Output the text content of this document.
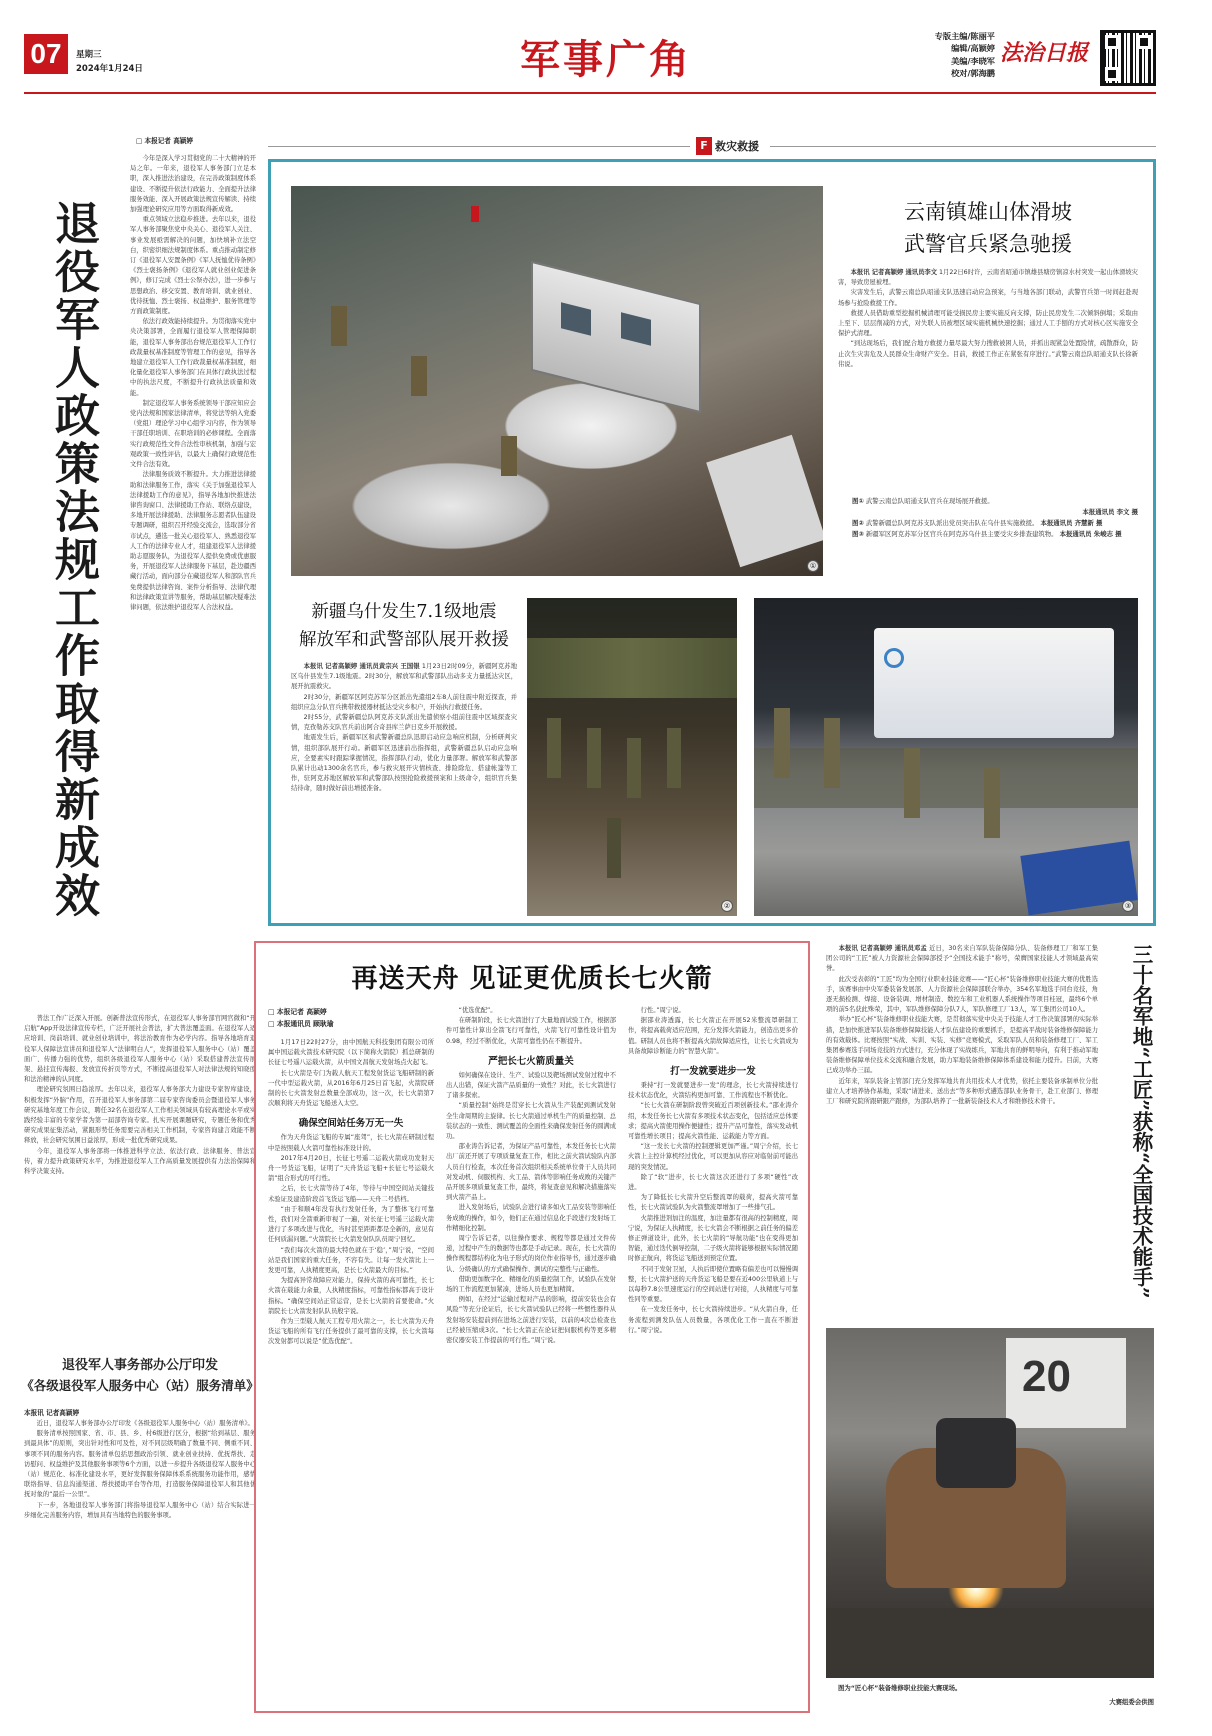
07	星期三
2024年1月24日	军事广角	专版主编/陈丽平
编辑/高颖婷
美编/李晓军
校对/郭海鹏
法治日报
□ 本报记者 高颖婷
退役军人政策法规工作取得新成效

今年是深入学习贯彻党的二十大精神的开局之年。一年来，退役军人事务部门立足本职，深入推进法治建设，在完善政策制度体系建设、不断提升依法行政能力、全面提升法律服务效能、深入开展政策法规宣传解读、持续加强理论研究应用等方面取得新成效。

重点领域立法稳步推进。去年以来，退役军人事务部聚焦党中央关心、退役军人关注、事业发展亟需解决的问题，加快填补立法空白，织密织细法规制度体系。重点推动制定修订《退役军人安置条例》《军人抚恤优待条例》《烈士褒扬条例》《退役军人就业创业促进条例》，修订完成《烈士公祭办法》，进一步参与思想政治、移交安置、教育培训、就业创业、优待抚恤、烈士褒扬、权益维护、服务管理等方面政策制度。

依法行政效能持续提升。为贯彻落实党中央决策部署，全面履行退役军人管理保障职能，退役军人事务部出台规范退役军人工作行政裁量权基准制度等管理工作的意见，指导各地建立退役军人工作行政裁量权基准制度，细化量化退役军人事务部门在具体行政执法过程中的执法尺度，不断提升行政执法质量和效能。

制定退役军人事务系统领导干部应知应会党内法规和国家法律清单，将党法等纳入党委（党组）理论学习中心组学习内容，作为领导干部任职培训、在职培训的必修课程。全面落实行政规范性文件合法性审核机制，加强与宏观政策一致性评估，以最大上确保行政规范性文件合法有效。

法律服务质效不断提升。大力推进法律援助和法律服务工作，落实《关于加强退役军人法律援助工作的意见》，指导各地加快推进法律咨询窗口、法律援助工作站、联络点建设，多地开展法律援助、法律服务志愿者队伍建设专题调研，组织召开经验交流会，选取部分省市试点，遴选一批关心退役军人、熟悉退役军人工作的法律专业人才，组建退役军人法律援助志愿服务队，为退役军人提供免费或优惠服务，开展退役军人法律服务下基层，赴边疆西藏行活动，面向部分在藏退役军人和部队官兵免费提供法律咨询、案件分析指导、法律代理和法律政策宣讲等服务，帮助基层解决疑难法律问题，依法维护退役军人合法权益。

普法工作广泛深入开展。创新普法宣传形式，在退役军人事务部官网官微和“开启航”App开设法律宣传专栏，广泛开展社会普法，扩大普法覆盖面。在退役军人适应培训、岗前培训、就业创业培训中，将法治教育作为必学内容。指导各地培育退役军人保障法宣讲员和退役军人“法律明白人”，发挥退役军人服务中心（站）覆盖面广、传播力强的优势，组织各级退役军人服务中心（站）采取搭建普法宣传展架、悬挂宣传海报、发放宣传折页等方式，不断提高退役军人对法律法规的知晓度和法治精神的认同度。

理论研究氛围日趋浓厚。去年以来，退役军人事务部大力建设专家智库建设，积极发挥“外脑”作用，召开退役军人事务部第二届专家咨询委员会暨退役军人事务研究基地年度工作会议，聘任32名在退役军人工作相关领域具有较高理论水平或实践经验丰富的专家学者为第一届部咨询专家。扎实开展课题研究，专题任务和优秀研究成果征集活动，紧跟形势任务需要完善相关工作机制，专家咨询建言效能不断释放，社会研究氛围日益浓厚，形成一批优秀研究成果。

今年，退役军人事务部将一体推进科学立法、依法行政、法律服务、普法宣传，着力提升政策研究水平，为推进退役军人工作高质量发展提供有力法治保障和科学决策支持。

退役军人事务部办公厅印发
《各级退役军人服务中心（站）服务清单》
本报讯 记者高颖婷

近日，退役军人事务部办公厅印发《各级退役军人服务中心（站）服务清单》。

服务清单按照国家、省、市、县、乡、村6级进行区分，根据“给到基层、服务到最具体”的原则，突出针对性和可及性，对不同层级明确了数量不同、侧重不同、事项不同的服务内容。服务清单包括思想政治引领、就业创业扶持、优抚帮扶、走访慰问、权益维护及其他服务事项等6个方面，以进一步提升各级退役军人服务中心（站）规范化、标准化建设水平，更好发挥服务保障体系系统服务功能作用，感情联络指导、信息沟通渠道、帮扶援助平台等作用，打造服务保障退役军人和其他优抚对象的“最后一公里”。

下一步，各地退役军人事务部门将指导退役军人服务中心（站）结合实际进一步细化完善服务内容，增加具有当地特色的服务事项。

F 救灾救援
①
云南镇雄山体滑坡
武警官兵紧急驰援

本报讯 记者高颖婷 通讯员李文 1月22日6时许，云南省昭通市镇雄县塘房镇凉水村突发一起山体滑坡灾害，导致房屋被埋。

灾害发生后，武警云南总队昭通支队迅速启动应急预案，与当地各部门联动，武警官兵第一时间赶赴现场参与抢险救援工作。

救援人员借助重型挖掘机械清理可能受损民房主要实施反向支撑，防止民房发生二次倾斜倒塌；采取由上至下、层层削减的方式，对失联人员被埋区域实施机械快速挖掘；通过人工手刨的方式对核心区实施安全保护式清理。

“到达现场后，我们配合地方救援力量尽最大努力搜救被困人员，并抓出现紧急处置险情，疏散群众，防止次生灾害危及人民群众生命财产安全。目前，救援工作正在紧张有序进行。”武警云南总队昭通支队长徐新伟说。

图① 武警云南总队昭通支队官兵在现场展开救援。
本报通讯员 李文 摄
图② 武警新疆总队阿克苏支队派出党员突击队在乌什县实施救援。 本报通讯员 齐慧新 摄
图③ 新疆军区阿克苏军分区官兵在阿克苏乌什县主要受灾乡排查建筑物。 本报通讯员 朱峻志 摄
新疆乌什发生7.1级地震
解放军和武警部队展开救援

本报讯 记者高颖婷 通讯员黄宗兴 王国银 1月23日2时09分，新疆阿克苏地区乌什县发生7.1级地震。2时30分，解放军和武警部队出动多支力量抵达灾区，展开抗震救灾。

2时30分，新疆军区阿克苏军分区派出先遣组2车8人前往震中附近探查，并组织应急分队官兵携带救援器材抵达受灾乡积户，开始执行救援任务。

2时55分，武警新疆总队阿克苏支队派出先遣侦察小组前往震中区域探查灾情，克孜勒苏支队官兵前出阿合奇县库兰萨日克乡开展救援。

地震发生后，新疆军区和武警新疆总队迅即启动应急响应机制，分析研判灾情，组织部队展开行动。新疆军区迅速前出指挥组，武警新疆总队启动应急响应，全要素实时跟踪掌握情况，指挥部队行动，优化力量部署。解放军和武警部队累计出动1300余名官兵，参与救灾展开灾情核查、排险除危、搭建帐篷等工作，驻阿克苏地区解放军和武警部队按照抢险救援预案和上级命令，组织官兵集结待命，随时做好前出增援准备。

②	③
再送天舟 见证更优质长七火箭
□ 本报记者 高颖婷
□ 本报通讯员 顾耿瑜

1月17日22时27分，由中国航天科技集团有限公司所属中国运载火箭技术研究院（以下简称火箭院）抓总研制的长征七号遥八运载火箭，从中国文昌航天发射场点火起飞。

长七火箭是专门为载人航天工程发射货运飞船研制的新一代中型运载火箭，从2016年6月25日首飞起，火箭院研制的长七火箭发射总数量全部成功，这一次，长七火箭第7次顺利将天舟货运飞船送入太空。

确保空间站任务万无一失

作为天舟货运飞船的专属“座驾”，长七火箭在研制过程中是按照载人火箭可靠性标准设计的。

2017年4月20日，长征七号遥二运载火箭成功发射天舟一号货运飞船，证明了“天舟货运飞船+长征七号运载火箭”组合形式的可行性。

之后，长七火箭等待了4年，等待与中国空间站关键技术验证及建造阶段首飞货运飞船——天舟二号搭档。

“由于和顺4年没有执行发射任务，为了整体飞行可靠性，我们对全箭重新审视了一遍，对长征七号遥三运载火箭进行了多项改进与优化，当时甚至距距都是全新的，意见有任何质漏问题。”火箭院长七火箭发射队队员周宁回忆。

“我们每次火箭的最大特色就在于‘稳’，”周宁说，“空间站是我们国家的重大任务，不容有失。让每一发火箭比上一发更可靠，人执精度更高，是长七火箭最大的目标。”

为提高异常故障应对能力，保持火箭的高可靠性，长七火箭在载能力余量，人执精度指标，可靠性指标都高于设计指标。“确保空间站正常运营，是长七火箭的首要使命。”火箭院长七火箭发射队队员殷宇说。

作为三型载人航天工程专用火箭之一，长七火箭为天舟货运飞船的所有飞行任务提供了最可靠的支撑，长七火箭每次发射都可以说是“优选优配”。

“优选优配”。

在研制阶段，长七火箭进行了大量地面试验工作，根据部件可靠性计算出全箭飞行可靠性，火箭飞行可靠性设计值为0.98，经过不断优化，火箭可靠性仍在不断提升。

严把长七火箭质量关

如何确保在设计、生产、试验以及靶场测试发射过程中不出人出错，保证火箭产品质量的一致性？对此，长七火箭进行了诸多探索。

“质量控制”始终是贯穿长七火箭从生产装配到测试发射全生命周期的主旋律。长七火箭通过单机生产的质量控制、总装状态的一致性、测试覆盖的全面性来确保发射任务的圆满成功。

邵业涛告诉记者，为保证产品可靠性，本发任务长七火箭出厂前还开展了专项质量复查工作，相比之前火箭试验队内部人员自行检查，本次任务首次组织相关系统单位骨干人员共同对发动机、伺服机构、火工品、箭体等影响任务成败的关键产品开展多项质量复查工作，最终，将复查意见和解决措施落实到火箭产品上。

进入发射场后，试验队会进行诸多如火工品安装等影响任务成败的操作，如今，他们正在通过信息化手段进行发射场工作精细化控制。

周宁告诉记者，以往操作要求、规程等都是通过文件传递，过程中产生的数据等也都是手动记录。现在，长七火箭的操作规程都结构化为电子形式的岗位作业指导书，通过逐步确认、分级确认的方式确保操作、测试的完整性与正确性。

借助更加数字化、精细化的质量控制工作，试验队在发射场的工作流程更加紧凑，进场人员也更加精简。

例如，在经过“运输过程对产品的影响，提前安装也会有风险”等充分论证后，长七火箭试验队已经将一些惯性器件从发射场安装提前到在进场之前进行安装，以前的4次总检查也已经被压缩成3次。“长七火箭正在论证把伺服机构等更多精密仪器安装工作提前的可行性。”周宁说。

行性。”周宁说。

据邵业涛透露，长七火箭正在开展52米整流罩研制工作，将提高载荷适应范围，充分发挥火箭能力，创造出更多价值。研制人员也将不断提高火箭故障适应性，让长七火箭成为具备故障诊断能力的“智慧火箭”。

打一发就要进步一发

秉持“打一发就要进步一发”的理念，长七火箭持续进行技术状态优化，火箭结构更加可靠、工作流程也不断优化。

“长七火箭在研制阶段曾突破近百项创新技术。”邵业涛介绍，本发任务长七火箭有多项技术状态变化，包括适应总体要求；提高火箭使用操作便捷性；提升产品可靠性，落实发动机可靠性增长项目；提高火箭性能、运载能力等方面。

“这一发长七火箭的控制逻辑更加严谨。”周宁介绍，长七火箭上主控计算机经过优化，可以更加从容应对临射前可能出现的突发情况。

除了“软”进步，长七火箭这次还进行了多项“硬性”改进。

为了降低长七火箭升空后整流罩的载荷，提高火箭可靠性，长七火箭试验队为火箭整流罩增加了一些排气孔。

火箭推进剂加注的温度，加注量都有很高的控制精度，周宁说，为保证人执精度，长七火箭会不断根据之前任务的偏差修正弹道设计，此外，长七火箭的“导航功能”也在变得更加智能，通过迭代倒导控制，二子级火箭将能够根据实际情况随时修正航向，将货运飞船送到预定位置。

不同于发射卫星，人执后即使位置略有偏差也可以慢慢调整，长七火箭护送的天舟货运飞船是要在近400公里轨道上与以每秒7.8公里速度运行的空间站进行对接，人执精度与可靠性同等重要。

在一发发任务中，长七火箭持续进步。“从火箭自身，任务流程到测发队伍人员数量，各项优化工作一直在不断进行。”周宁说。

本报讯 记者高颖婷 通讯员邓孟 近日，30名来自军队装备保障分队、装备修理工厂和军工集团公司的“工匠”被人力资源社会保障部授予“全国技术能手”称号，荣膺国家技能人才领域最高荣誉。

此次受表彰的“工匠”均为全国行业职业技能竞赛——“匠心杯”装备维修职业技能大赛的优胜选手，该赛事由中央军委装备发展部、人力资源社会保障部联合举办，354名军地选手同台竞技，角逐无损检测、焊接、设备装调、增材制造、数控车和工业机器人系统操作等项目桂冠，最终6个单项的前5名获此殊荣，其中，军队维修保障分队7人，军队修理工厂13人，军工集团公司10人。

举办“匠心杯”装备维修职业技能大赛，是贯彻落实党中央关于技能人才工作决策部署的实际举措，是加快推进军队装备维修保障技能人才队伍建设的重要抓手，是提高平战时装备维修保障能力的有效载体。比赛按照“实战、实训、实装、实修”竞赛模式，采取军队人员和装备修理工厂、军工集团参赛选手同场竞技的方式进行，充分体现了实战练兵，军地共育的鲜明导向，有利于推动军地装备维修保障单位技术交流和融合发展，助力军地装备维修保障体系建设和能力提升。目前，大赛已成功举办三届。

近年来，军队装备主管部门充分发挥军地共育共用技术人才优势，依托主要装备承制单位分批建立人才培养协作基地，采取“请进来、送出去”等多种形式遴选部队业务骨干，赴工业部门、修理工厂和研究院所跟研跟产跟修，为部队培养了一批新装备技术人才和维修技术骨干。	三十名军地“工匠”获称“全国技术能手”
20
图为“匠心杯”装备维修职业技能大赛现场。
大赛组委会供图
